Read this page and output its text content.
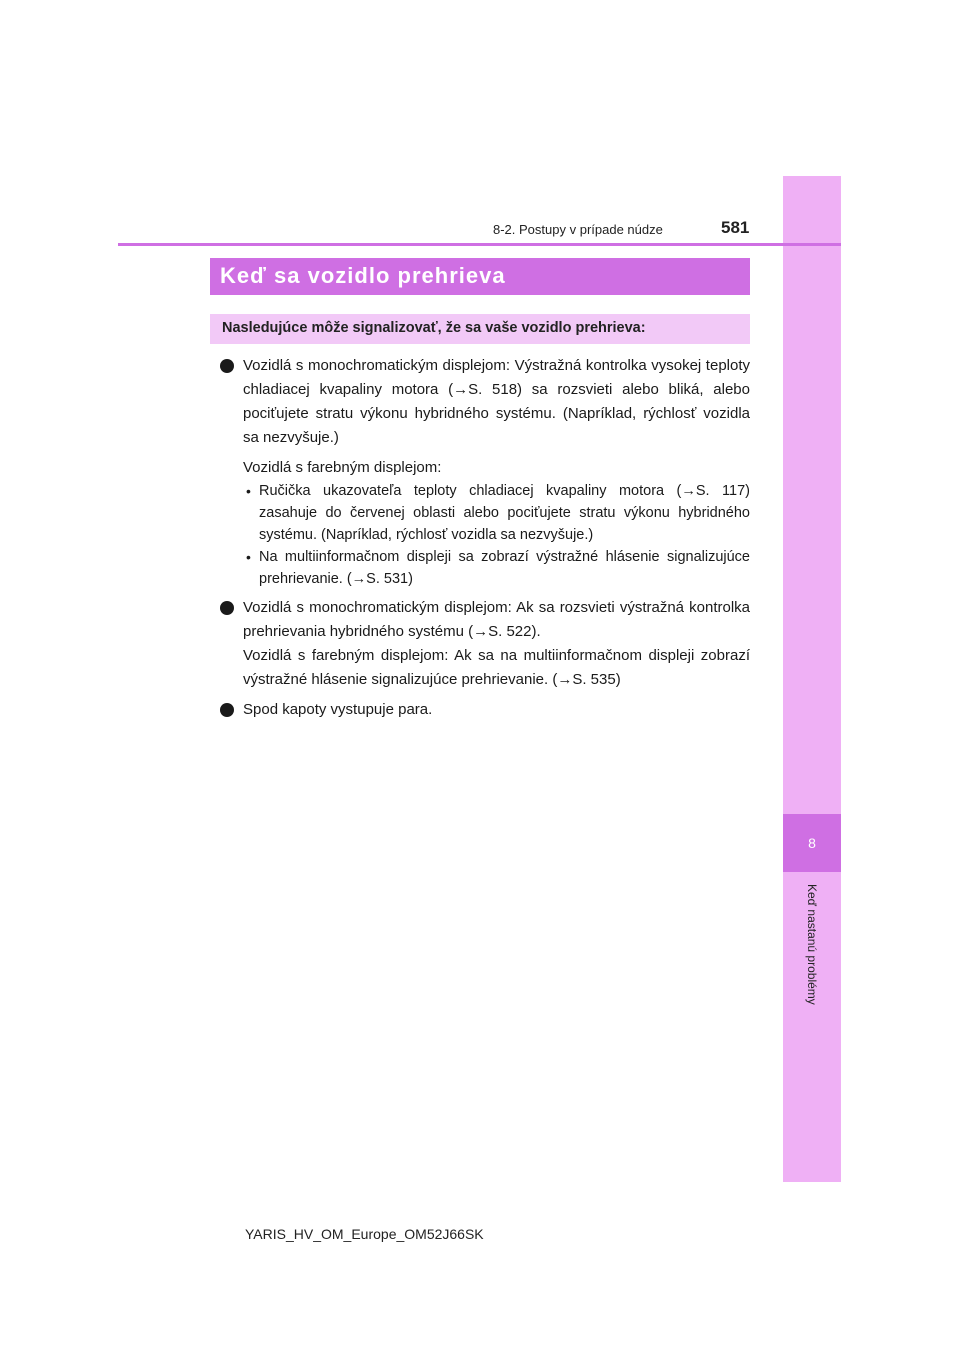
8
Keď nastanú problémy
8-2. Postupy v prípade núdze	581
Keď sa vozidlo prehrieva
Nasledujúce môže signalizovať, že sa vaše vozidlo prehrieva:
Vozidlá s monochromatickým displejom: Výstražná kontrolka vysokej teploty chladiacej kvapaliny motora (→S. 518) sa rozsvieti alebo bliká, alebo pociťujete stratu výkonu hybridného systému. (Napríklad, rýchlosť vozidla sa nezvyšuje.)
Vozidlá s farebným displejom:
• Ručička ukazovateľa teploty chladiacej kvapaliny motora (→S. 117) zasahuje do červenej oblasti alebo pociťujete stratu výkonu hybridného systému. (Napríklad, rýchlosť vozidla sa nezvyšuje.)
• Na multiinformačnom displeji sa zobrazí výstražné hlásenie signalizujúce prehrievanie. (→S. 531)
Vozidlá s monochromatickým displejom: Ak sa rozsvieti výstražná kontrolka prehrievania hybridného systému (→S. 522).
Vozidlá s farebným displejom: Ak sa na multiinformačnom displeji zobrazí výstražné hlásenie signalizujúce prehrievanie. (→S. 535)
Spod kapoty vystupuje para.
YARIS_HV_OM_Europe_OM52J66SK
